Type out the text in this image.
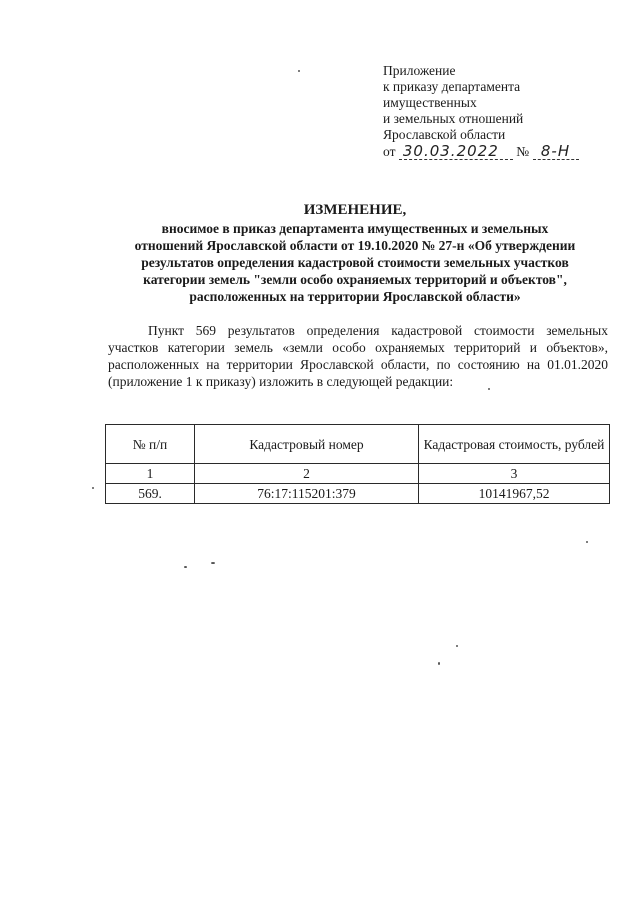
Приложение
к приказу департамента
имущественных
и земельных отношений
Ярославской области
от 30.03.2022 № 8-Н
ИЗМЕНЕНИЕ,
вносимое в приказ департамента имущественных и земельных
отношений Ярославской области от 19.10.2020 № 27-н «Об утверждении
результатов определения кадастровой стоимости земельных участков
категории земель "земли особо охраняемых территорий и объектов",
расположенных на территории Ярославской области»
Пункт 569 результатов определения кадастровой стоимости земельных участков категории земель «земли особо охраняемых территорий и объектов», расположенных на территории Ярославской области, по состоянию на 01.01.2020 (приложение 1 к приказу) изложить в следующей редакции:
№ п/п	Кадастровый номер	Кадастровая стоимость, рублей
1	2	3
569.	76:17:115201:379	10141967,52
